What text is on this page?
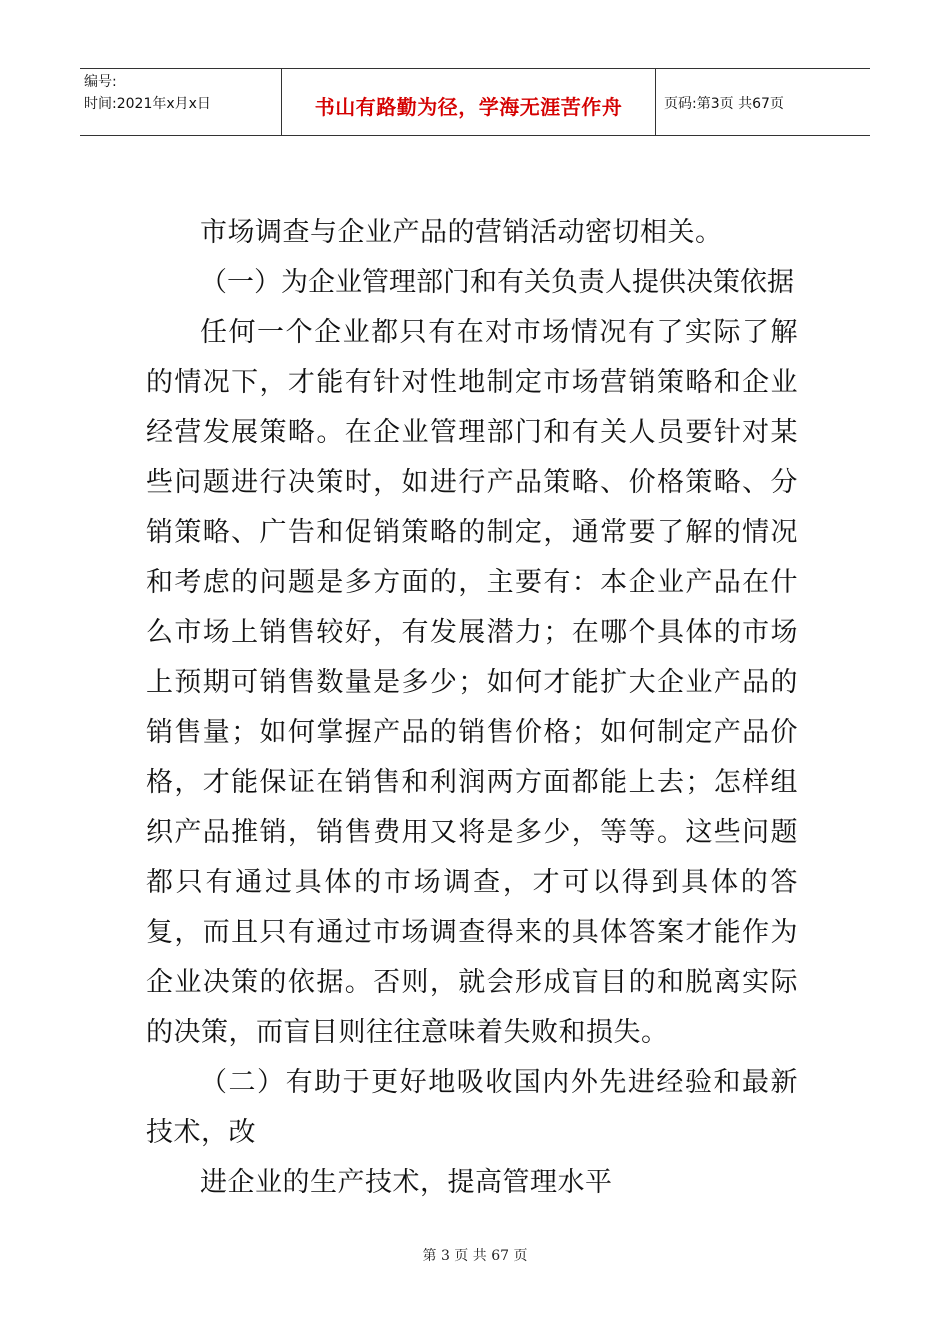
编号:
时间:2021年x月x日	书山有路勤为径，学海无涯苦作舟	页码:第3页 共67页

市场调查与企业产品的营销活动密切相关。

（一）为企业管理部门和有关负责人提供决策依据

任何一个企业都只有在对市场情况有了实际了解的情况下，才能有针对性地制定市场营销策略和企业经营发展策略。在企业管理部门和有关人员要针对某些问题进行决策时，如进行产品策略、价格策略、分销策略、广告和促销策略的制定，通常要了解的情况和考虑的问题是多方面的，主要有：本企业产品在什么市场上销售较好，有发展潜力；在哪个具体的市场上预期可销售数量是多少；如何才能扩大企业产品的销售量；如何掌握产品的销售价格；如何制定产品价格，才能保证在销售和利润两方面都能上去；怎样组织产品推销，销售费用又将是多少，等等。这些问题都只有通过具体的市场调查，才可以得到具体的答复，而且只有通过市场调查得来的具体答案才能作为企业决策的依据。否则，就会形成盲目的和脱离实际的决策，而盲目则往往意味着失败和损失。

（二）有助于更好地吸收国内外先进经验和最新技术，改

进企业的生产技术，提高管理水平

第 3 页 共 67 页
